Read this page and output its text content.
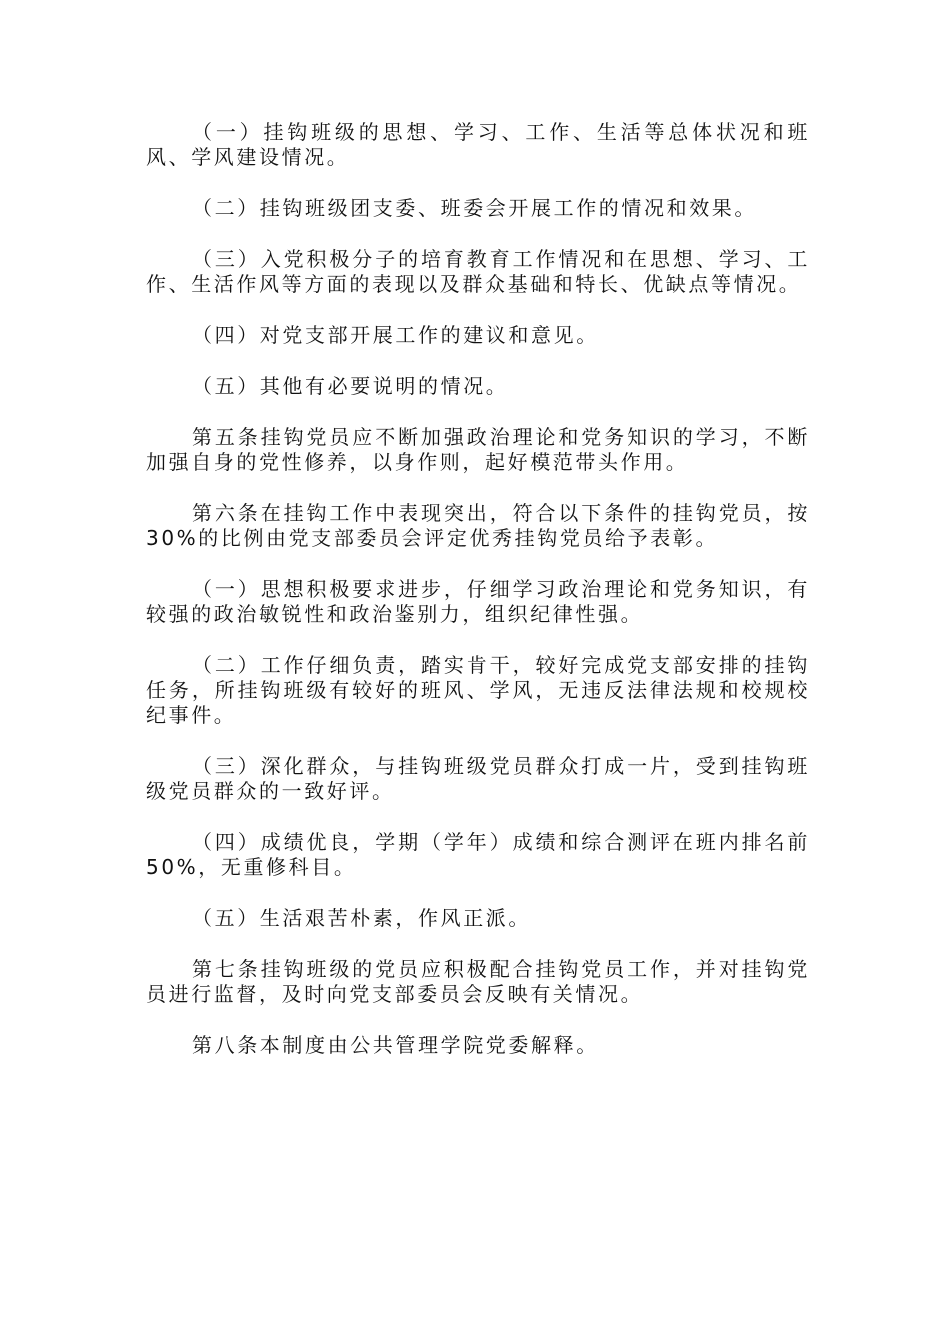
（一）挂钩班级的思想、学习、工作、生活等总体状况和班风、学风建设情况。

（二）挂钩班级团支委、班委会开展工作的情况和效果。

（三）入党积极分子的培育教育工作情况和在思想、学习、工作、生活作风等方面的表现以及群众基础和特长、优缺点等情况。

（四）对党支部开展工作的建议和意见。

（五）其他有必要说明的情况。

第五条挂钩党员应不断加强政治理论和党务知识的学习，不断加强自身的党性修养，以身作则，起好模范带头作用。

第六条在挂钩工作中表现突出，符合以下条件的挂钩党员，按30%的比例由党支部委员会评定优秀挂钩党员给予表彰。

（一）思想积极要求进步，仔细学习政治理论和党务知识，有较强的政治敏锐性和政治鉴别力，组织纪律性强。

（二）工作仔细负责，踏实肯干，较好完成党支部安排的挂钩任务，所挂钩班级有较好的班风、学风，无违反法律法规和校规校纪事件。

（三）深化群众，与挂钩班级党员群众打成一片，受到挂钩班级党员群众的一致好评。

（四）成绩优良，学期（学年）成绩和综合测评在班内排名前50%，无重修科目。

（五）生活艰苦朴素，作风正派。

第七条挂钩班级的党员应积极配合挂钩党员工作，并对挂钩党员进行监督，及时向党支部委员会反映有关情况。

第八条本制度由公共管理学院党委解释。
